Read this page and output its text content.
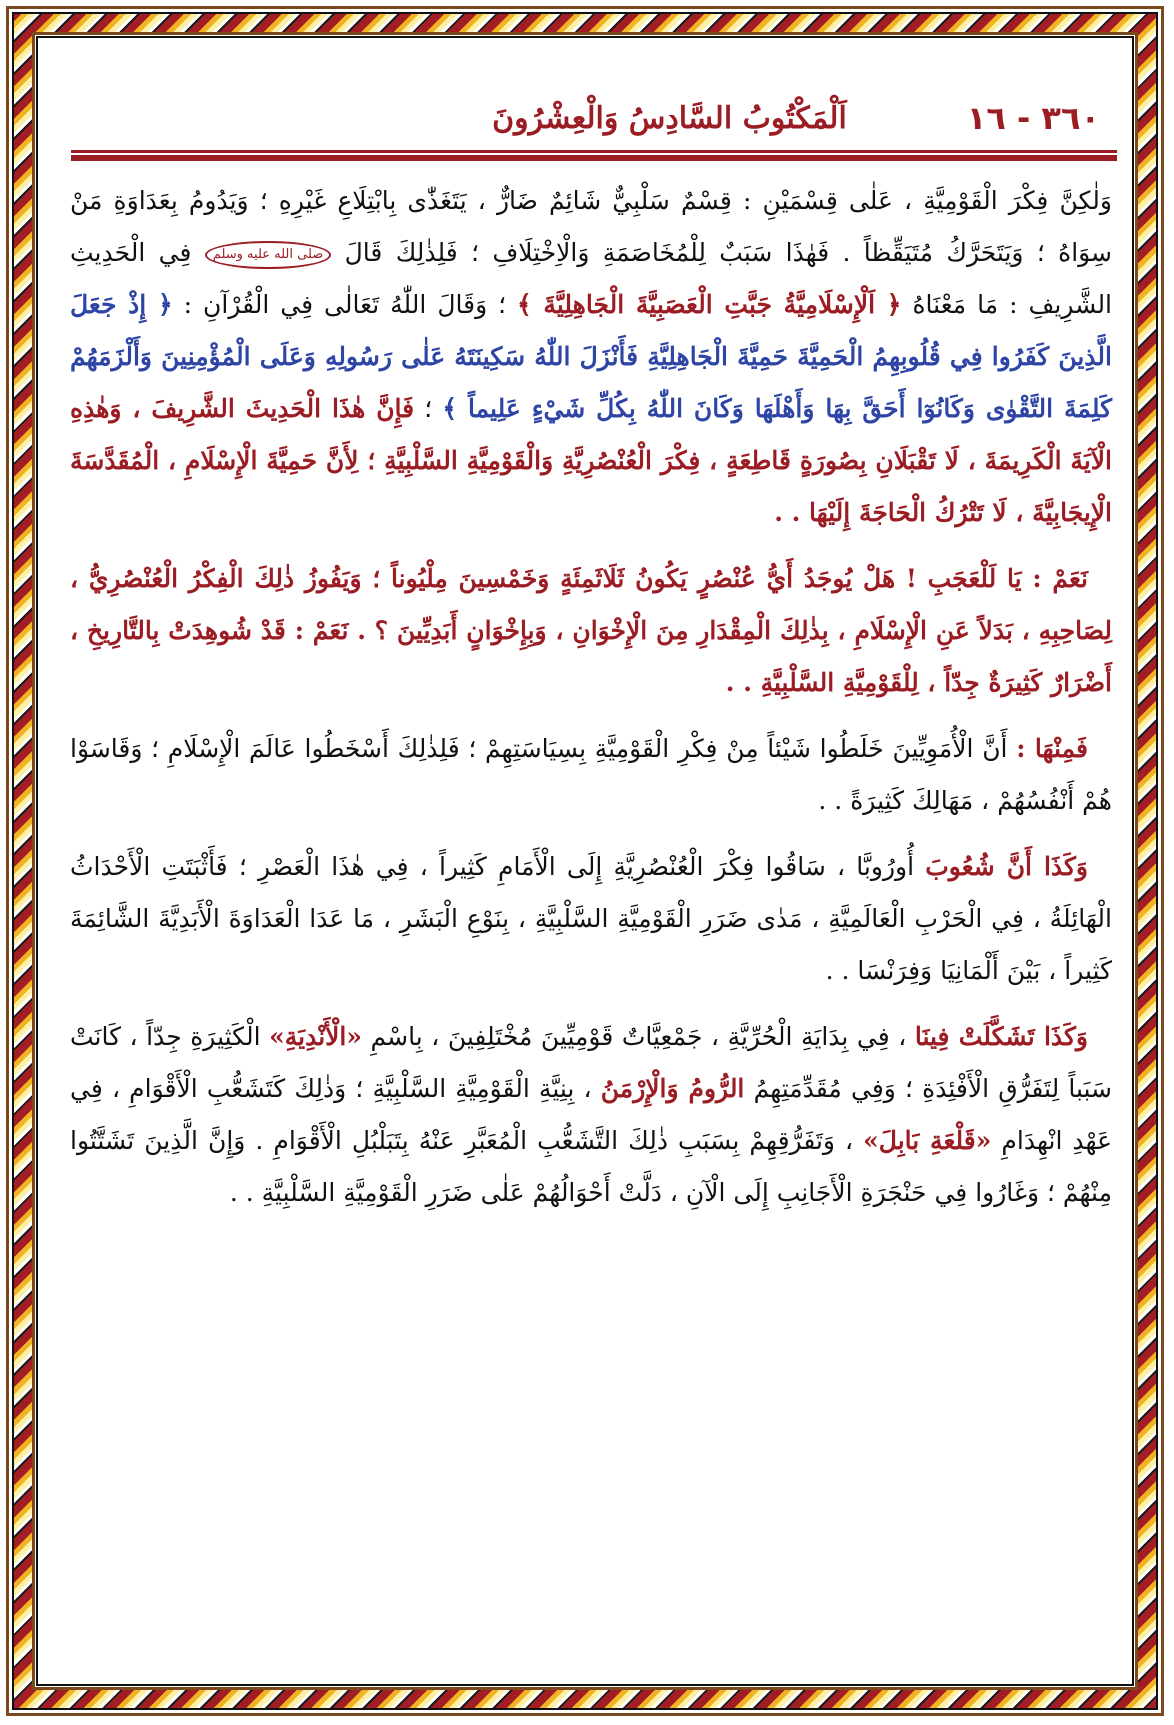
٣٦٠ - ١٦
اَلْمَكْتُوبُ السَّادِسُ وَالْعِشْرُونَ

وَلٰكِنَّ فِكْرَ الْقَوْمِيَّةِ ، عَلٰى قِسْمَيْنِ : قِسْمٌ سَلْبِيٌّ شَائِمٌ ضَارٌّ ، يَتَغَذّٰى بِابْتِلَاعِ غَيْرِهِ ؛ وَيَدُومُ بِعَدَاوَةِ مَنْ سِوَاهُ ؛ وَيَتَحَرَّكُ مُتَيَقِّظاً . فَهٰذَا سَبَبٌ لِلْمُخَاصَمَةِ وَالْاِخْتِلَافِ ؛ فَلِذٰلِكَ قَالَ صلى الله عليه وسلم فِي الْحَدِيثِ الشَّرِيفِ : مَا مَعْنَاهُ ﴿ اَلْإِسْلَامِيَّةُ جَبَّتِ الْعَصَبِيَّةَ الْجَاهِلِيَّةَ ﴾ ؛ وَقَالَ اللّٰهُ تَعَالٰى فِي الْقُرْآنِ : ﴿ إِذْ جَعَلَ الَّذِينَ كَفَرُوا فِي قُلُوبِهِمُ الْحَمِيَّةَ حَمِيَّةَ الْجَاهِلِيَّةِ فَأَنْزَلَ اللّٰهُ سَكِينَتَهُ عَلٰى رَسُولِهِ وَعَلَى الْمُؤْمِنِينَ وَأَلْزَمَهُمْ كَلِمَةَ التَّقْوٰى وَكَانُوٓا أَحَقَّ بِهَا وَأَهْلَهَا وَكَانَ اللّٰهُ بِكُلِّ شَيْءٍ عَلِيماً ﴾ ؛ فَإِنَّ هٰذَا الْحَدِيثَ الشَّرِيفَ ، وَهٰذِهِ الْآيَةَ الْكَرِيمَةَ ، لَا تَقْبَلَانِ بِصُورَةٍ قَاطِعَةٍ ، فِكْرَ الْعُنْصُرِيَّةِ وَالْقَوْمِيَّةِ السَّلْبِيَّةِ ؛ لِأَنَّ حَمِيَّةَ الْإِسْلَامِ ، الْمُقَدَّسَةَ الْإِيجَابِيَّةَ ، لَا تَتْرُكُ الْحَاجَةَ إِلَيْهَا . .

نَعَمْ : يَا لَلْعَجَبِ ! هَلْ يُوجَدُ أَيُّ عُنْصُرٍ يَكُونُ ثَلَاثَمِئَةٍ وَخَمْسِينَ مِلْيُوناً ؛ وَيَفُوزُ ذٰلِكَ الْفِكْرُ الْعُنْصُرِيُّ ، لِصَاحِبِهِ ، بَدَلاً عَنِ الْإِسْلَامِ ، بِذٰلِكَ الْمِقْدَارِ مِنَ الْإِخْوَانِ ، وَبِإِخْوَانٍ أَبَدِيِّينَ ؟ . نَعَمْ : قَدْ شُوهِدَتْ بِالتَّارِيخِ ، أَضْرَارٌ كَثِيرَةٌ جِدّاً ، لِلْقَوْمِيَّةِ السَّلْبِيَّةِ . .

فَمِنْهَا : أَنَّ الْأُمَوِيِّينَ خَلَطُوا شَيْئاً مِنْ فِكْرِ الْقَوْمِيَّةِ بِسِيَاسَتِهِمْ ؛ فَلِذٰلِكَ أَسْخَطُوا عَالَمَ الْإِسْلَامِ ؛ وَقَاسَوْا هُمْ أَنْفُسُهُمْ ، مَهَالِكَ كَثِيرَةً . .

وَكَذَا أَنَّ شُعُوبَ أُورُوبَّا ، سَاقُوا فِكْرَ الْعُنْصُرِيَّةِ إِلَى الْأَمَامِ كَثِيراً ، فِي هٰذَا الْعَصْرِ ؛ فَأَثْبَتَتِ الْأَحْدَاثُ الْهَائِلَةُ ، فِي الْحَرْبِ الْعَالَمِيَّةِ ، مَدٰى ضَرَرِ الْقَوْمِيَّةِ السَّلْبِيَّةِ ، بِنَوْعِ الْبَشَرِ ، مَا عَدَا الْعَدَاوَةَ الْأَبَدِيَّةَ الشَّائِمَةَ كَثِيراً ، بَيْنَ أَلْمَانِيَا وَفِرَنْسَا . .

وَكَذَا تَشَكَّلَتْ فِينَا ، فِي بِدَايَةِ الْحُرِّيَّةِ ، جَمْعِيَّاتٌ قَوْمِيِّينَ مُخْتَلِفِينَ ، بِاسْمِ «الْأَنْدِيَةِ» الْكَثِيرَةِ جِدّاً ، كَانَتْ سَبَباً لِتَفَرُّقِ الْأَفْئِدَةِ ؛ وَفِي مُقَدِّمَتِهِمُ الرُّومُ وَالْإِرْمَنُ ، بِنِيَّةِ الْقَوْمِيَّةِ السَّلْبِيَّةِ ؛ وَذٰلِكَ كَتَشَعُّبِ الْأَقْوَامِ ، فِي عَهْدِ انْهِدَامِ «قَلْعَةِ بَابِلَ» ، وَتَفَرُّقِهِمْ بِسَبَبِ ذٰلِكَ التَّشَعُّبِ الْمُعَبَّرِ عَنْهُ بِتَبَلْبُلِ الْأَقْوَامِ . وَإِنَّ الَّذِينَ تَشَتَّتُوا مِنْهُمْ ؛ وَغَارُوا فِي حَنْجَرَةِ الْأَجَانِبِ إِلَى الْآنِ ، دَلَّتْ أَحْوَالُهُمْ عَلٰى ضَرَرِ الْقَوْمِيَّةِ السَّلْبِيَّةِ . .
